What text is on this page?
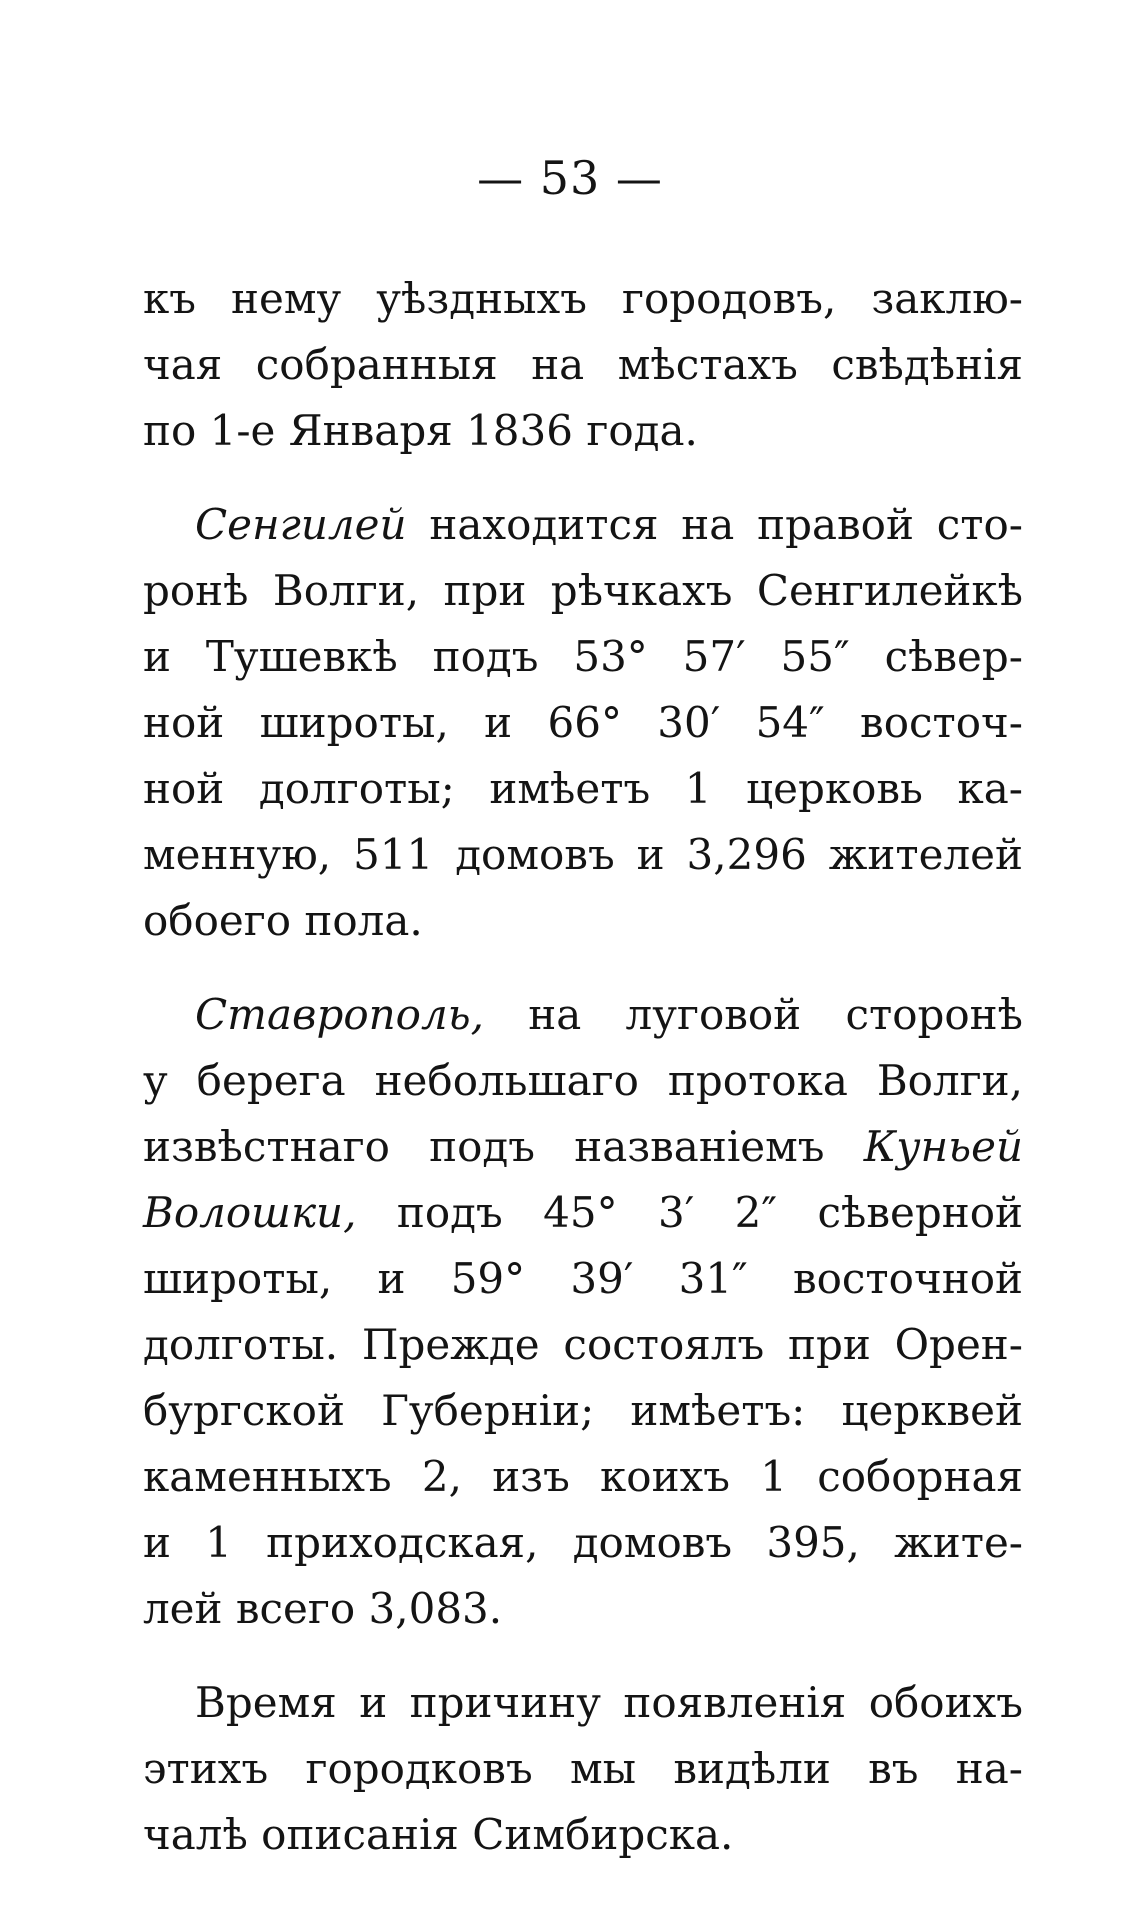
— 53 —
къ нему уѣздныхъ городовъ, заклю-
чая собранныя на мѣстахъ свѣдѣнія
по 1-е Января 1836 года.
Сенгилей находится на правой сто-
ронѣ Волги, при рѣчкахъ Сенгилейкѣ
и Тушевкѣ подъ 53° 57′ 55″ сѣвер-
ной широты, и 66° 30′ 54″ восточ-
ной долготы; имѣетъ 1 церковь ка-
менную, 511 домовъ и 3,296 жителей
обоего пола.
Ставрополь, на луговой сторонѣ
у берега небольшаго протока Волги,
извѣстнаго подъ названіемъ Куньей
Волошки, подъ 45° 3′ 2″ сѣверной
широты, и 59° 39′ 31″ восточной
долготы. Прежде состоялъ при Орен-
бургской Губерніи; имѣетъ: церквей
каменныхъ 2, изъ коихъ 1 соборная
и 1 приходская, домовъ 395, жите-
лей всего 3,083.
Время и причину появленія обоихъ
этихъ городковъ мы видѣли въ на-
чалѣ описанія Симбирска.
